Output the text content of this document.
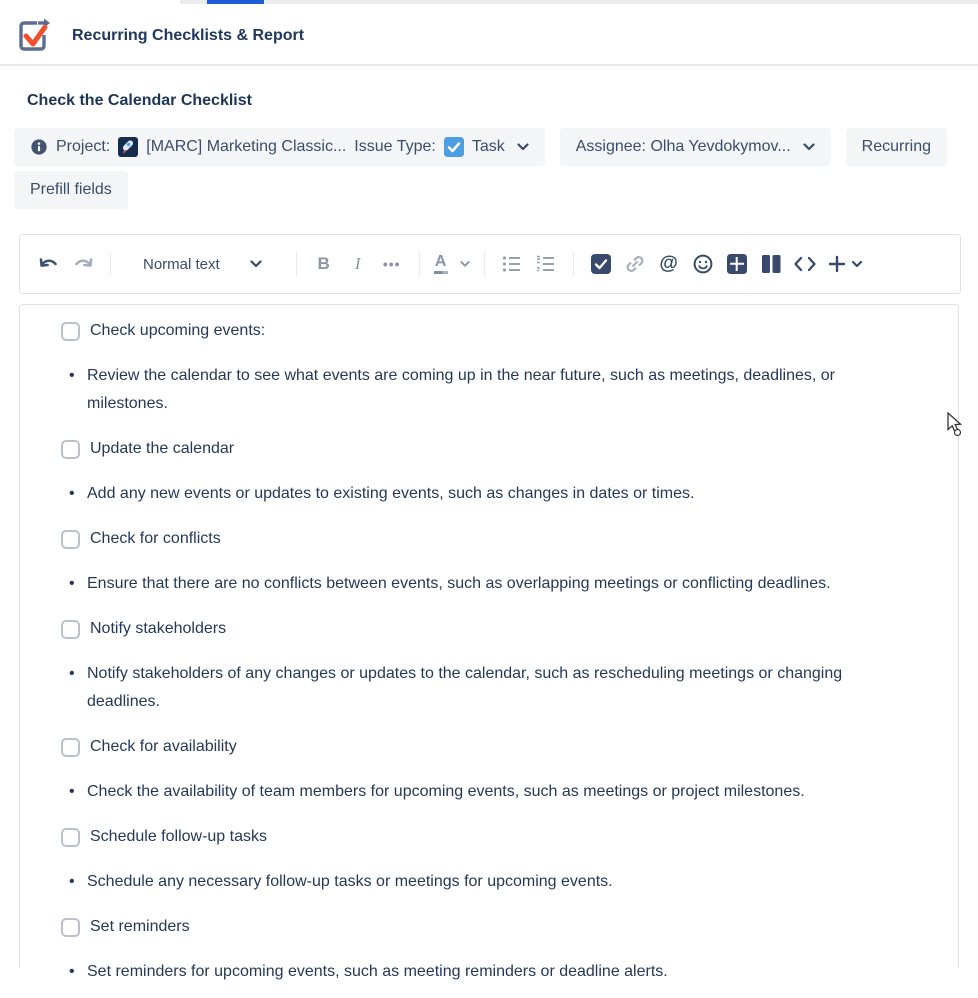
Recurring Checklists & Report
Check the Calendar Checklist
Project: [MARC] Marketing Classic... Issue Type: Task	Assignee: Olha Yevdokymov...	Recurring
Prefill fields
Normal text	B I ••• A	@
Check upcoming events:
• Review the calendar to see what events are coming up in the near future, such as meetings, deadlines, or milestones.
Update the calendar
• Add any new events or updates to existing events, such as changes in dates or times.
Check for conflicts
• Ensure that there are no conflicts between events, such as overlapping meetings or conflicting deadlines.
Notify stakeholders
• Notify stakeholders of any changes or updates to the calendar, such as rescheduling meetings or changing deadlines.
Check for availability
• Check the availability of team members for upcoming events, such as meetings or project milestones.
Schedule follow-up tasks
• Schedule any necessary follow-up tasks or meetings for upcoming events.
Set reminders
• Set reminders for upcoming events, such as meeting reminders or deadline alerts.
